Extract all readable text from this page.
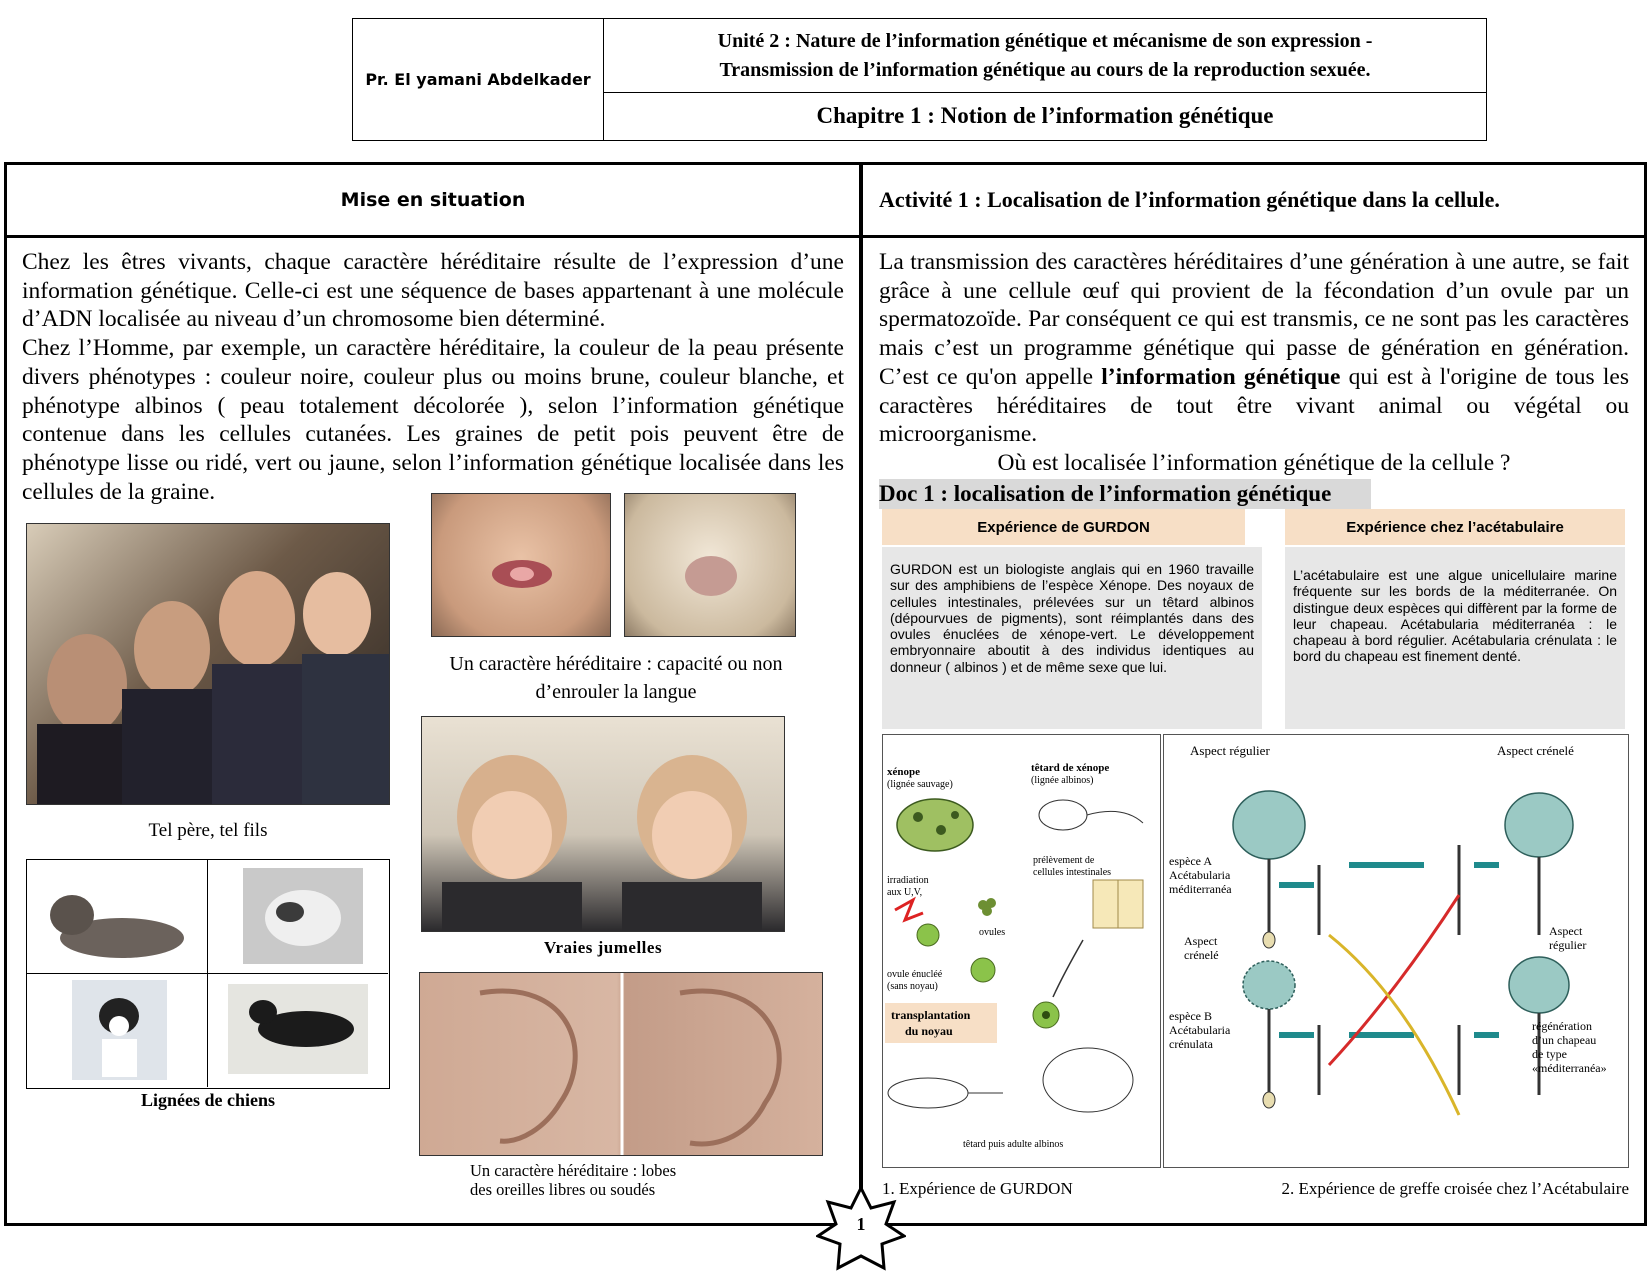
Pr. El yamani Abdelkader
Unité 2 : Nature de l’information génétique et mécanisme de son expression -
Transmission de l’information génétique au cours de la reproduction sexuée.
Chapitre 1 : Notion de l’information génétique
Mise en situation	Activité 1 : Localisation de l’information génétique dans la cellule.
Chez les êtres vivants, chaque caractère héréditaire résulte de l’expression d’une information génétique. Celle-ci est une séquence de bases appartenant à une molécule d’ADN localisée au niveau d’un chromosome bien déterminé.
Chez l’Homme, par exemple, un caractère héréditaire, la couleur de la peau présente divers phénotypes : couleur noire, couleur plus ou moins brune, couleur blanche, et phénotype albinos ( peau totalement décolorée ), selon l’information génétique contenue dans les cellules cutanées. Les graines de petit pois peuvent être de phénotype lisse ou ridé, vert ou jaune, selon l’information génétique localisée dans les cellules de la graine.
Tel père, tel fils
Un caractère héréditaire : capacité ou non
d’enrouler la langue
Vraies jumelles
Lignées de chiens
Un caractère héréditaire : lobes
des oreilles libres ou soudés
La transmission des caractères héréditaires d’une génération à une autre, se fait grâce à une cellule œuf qui provient de la fécondation d’un ovule par un spermatozoïde. Par conséquent ce qui est transmis, ce ne sont pas les caractères mais c’est un programme génétique qui passe de génération en génération. C’est ce qu'on appelle l’information génétique qui est à l'origine de tous les caractères héréditaires de tout être vivant animal ou végétal ou microorganisme.
Où est localisée l’information génétique de la cellule ?
Doc 1 : localisation de l’information génétique
Expérience de GURDON
GURDON est un biologiste anglais qui en 1960 travaille sur des amphibiens de l’espèce Xénope. Des noyaux de cellules intestinales, prélevées sur un têtard albinos (dépourvues de pigments), sont réimplantés dans des ovules énuclées de xénope-vert. Le développement embryonnaire aboutit à des individus identiques au donneur ( albinos ) et de même sexe que lui.
Expérience chez l’acétabulaire
L’acétabulaire est une algue unicellulaire marine fréquente sur les bords de la méditerranée. On distingue deux espèces qui diffèrent par la forme de leur chapeau. Acétabularia méditerranéa : le chapeau à bord régulier. Acétabularia crénulata : le bord du chapeau est finement denté.
xénope
(lignée sauvage)
têtard de xénope
(lignée albinos)
prélèvement de
cellules intestinales
irradiation
aux U,V,
ovules
ovule énucléé
(sans noyau)
transplantation
du noyau
têtard puis adulte albinos
Aspect régulier	Aspect crénelé
espèce A
Acétabularia
méditerranéa
Aspect
crénelé
Aspect
régulier
espèce B
Acétabularia
crénulata
régénération
d’un chapeau
de type
«méditerranéa»
1. Expérience de GURDON	2. Expérience de greffe croisée chez l’Acétabulaire
1
